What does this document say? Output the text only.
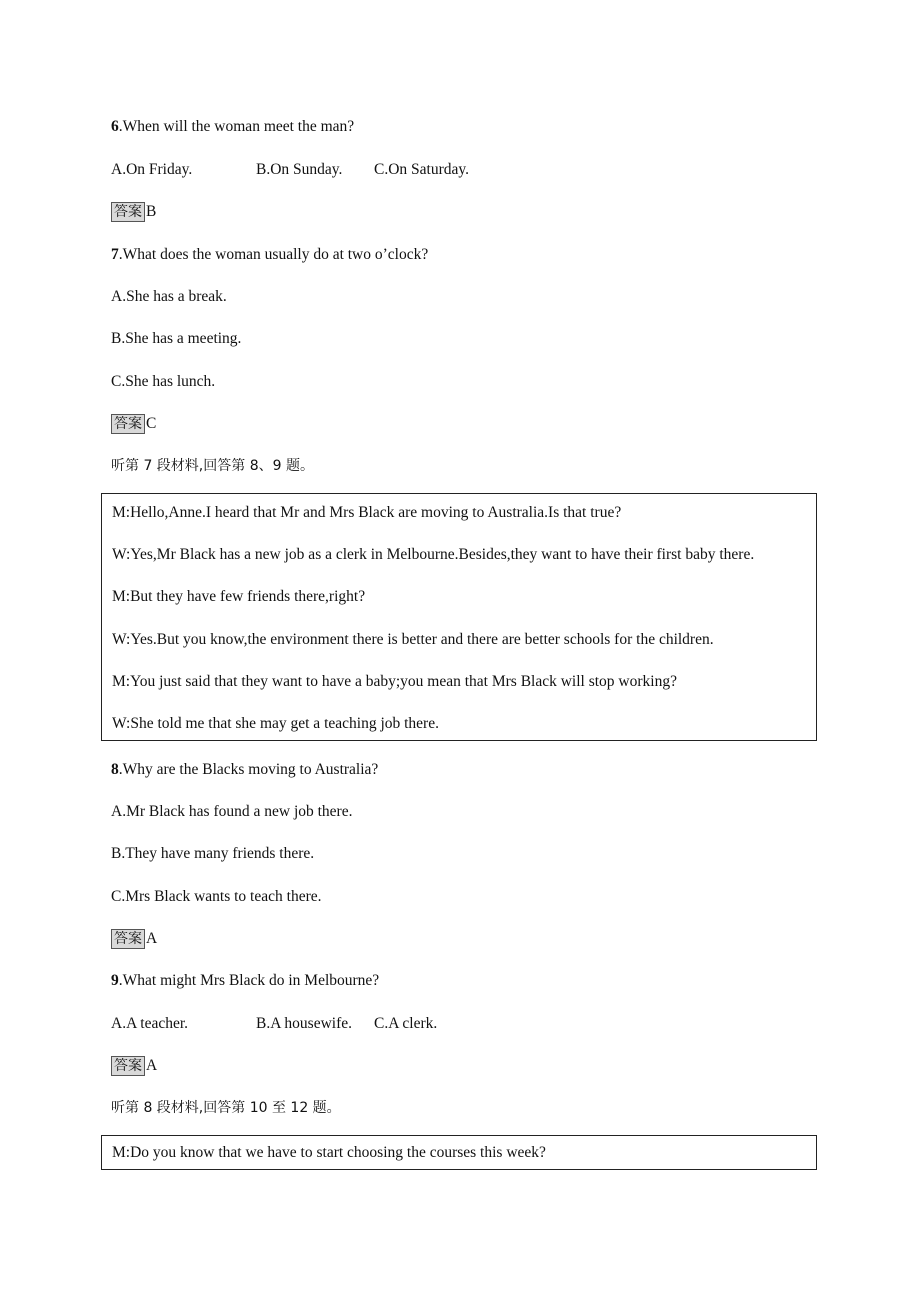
6.When will the woman meet the man?
A.On Friday.	B.On Sunday. C.On Saturday.
答案 B
7.What does the woman usually do at two o’clock?
A.She has a break.
B.She has a meeting.
C.She has lunch.
答案 C
听第 7 段材料,回答第 8、9 题。
M:Hello,Anne.I heard that Mr and Mrs Black are moving to Australia.Is that true?
W:Yes,Mr Black has a new job as a clerk in Melbourne.Besides,they want to have their first baby there.
M:But they have few friends there,right?
W:Yes.But you know,the environment there is better and there are better schools for the children.
M:You just said that they want to have a baby;you mean that Mrs Black will stop working?
W:She told me that she may get a teaching job there.
8.Why are the Blacks moving to Australia?
A.Mr Black has found a new job there.
B.They have many friends there.
C.Mrs Black wants to teach there.
答案 A
9.What might Mrs Black do in Melbourne?
A.A teacher.	B.A housewife. C.A clerk.
答案 A
听第 8 段材料,回答第 10 至 12 题。
M:Do you know that we have to start choosing the courses this week?
